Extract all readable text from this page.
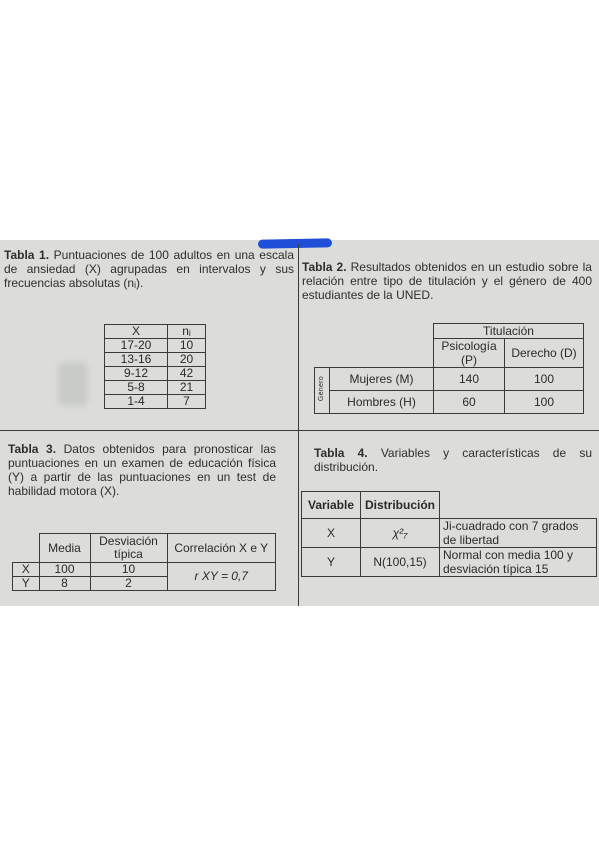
Tabla 1. Puntuaciones de 100 adultos en una escala de ansiedad (X) agrupadas en intervalos y sus frecuencias absolutas (nᵢ).

X	nᵢ
17-20	10
13-16	20
9-12	42
5-8	21
1-4	7

Tabla 2. Resultados obtenidos en un estudio sobre la relación entre tipo de titulación y el género de 400 estudiantes de la UNED.

		Titulación	
		Psicología (P)	Derecho (D)
Género	Mujeres (M)	140	100
	Hombres (H)	60	100

Tabla 3. Datos obtenidos para pronosticar las puntuaciones en un examen de educación física (Y) a partir de las puntuaciones en un test de habilidad motora (X).

	Media	Desviación típica	Correlación X e Y
X	100	10	r XY = 0,7
Y	8	2	

Tabla 4. Variables y características de su distribución.

Variable	Distribución	
X	χ²₇	Ji-cuadrado con 7 grados de libertad
Y	N(100,15)	Normal con media 100 y desviación típica 15
